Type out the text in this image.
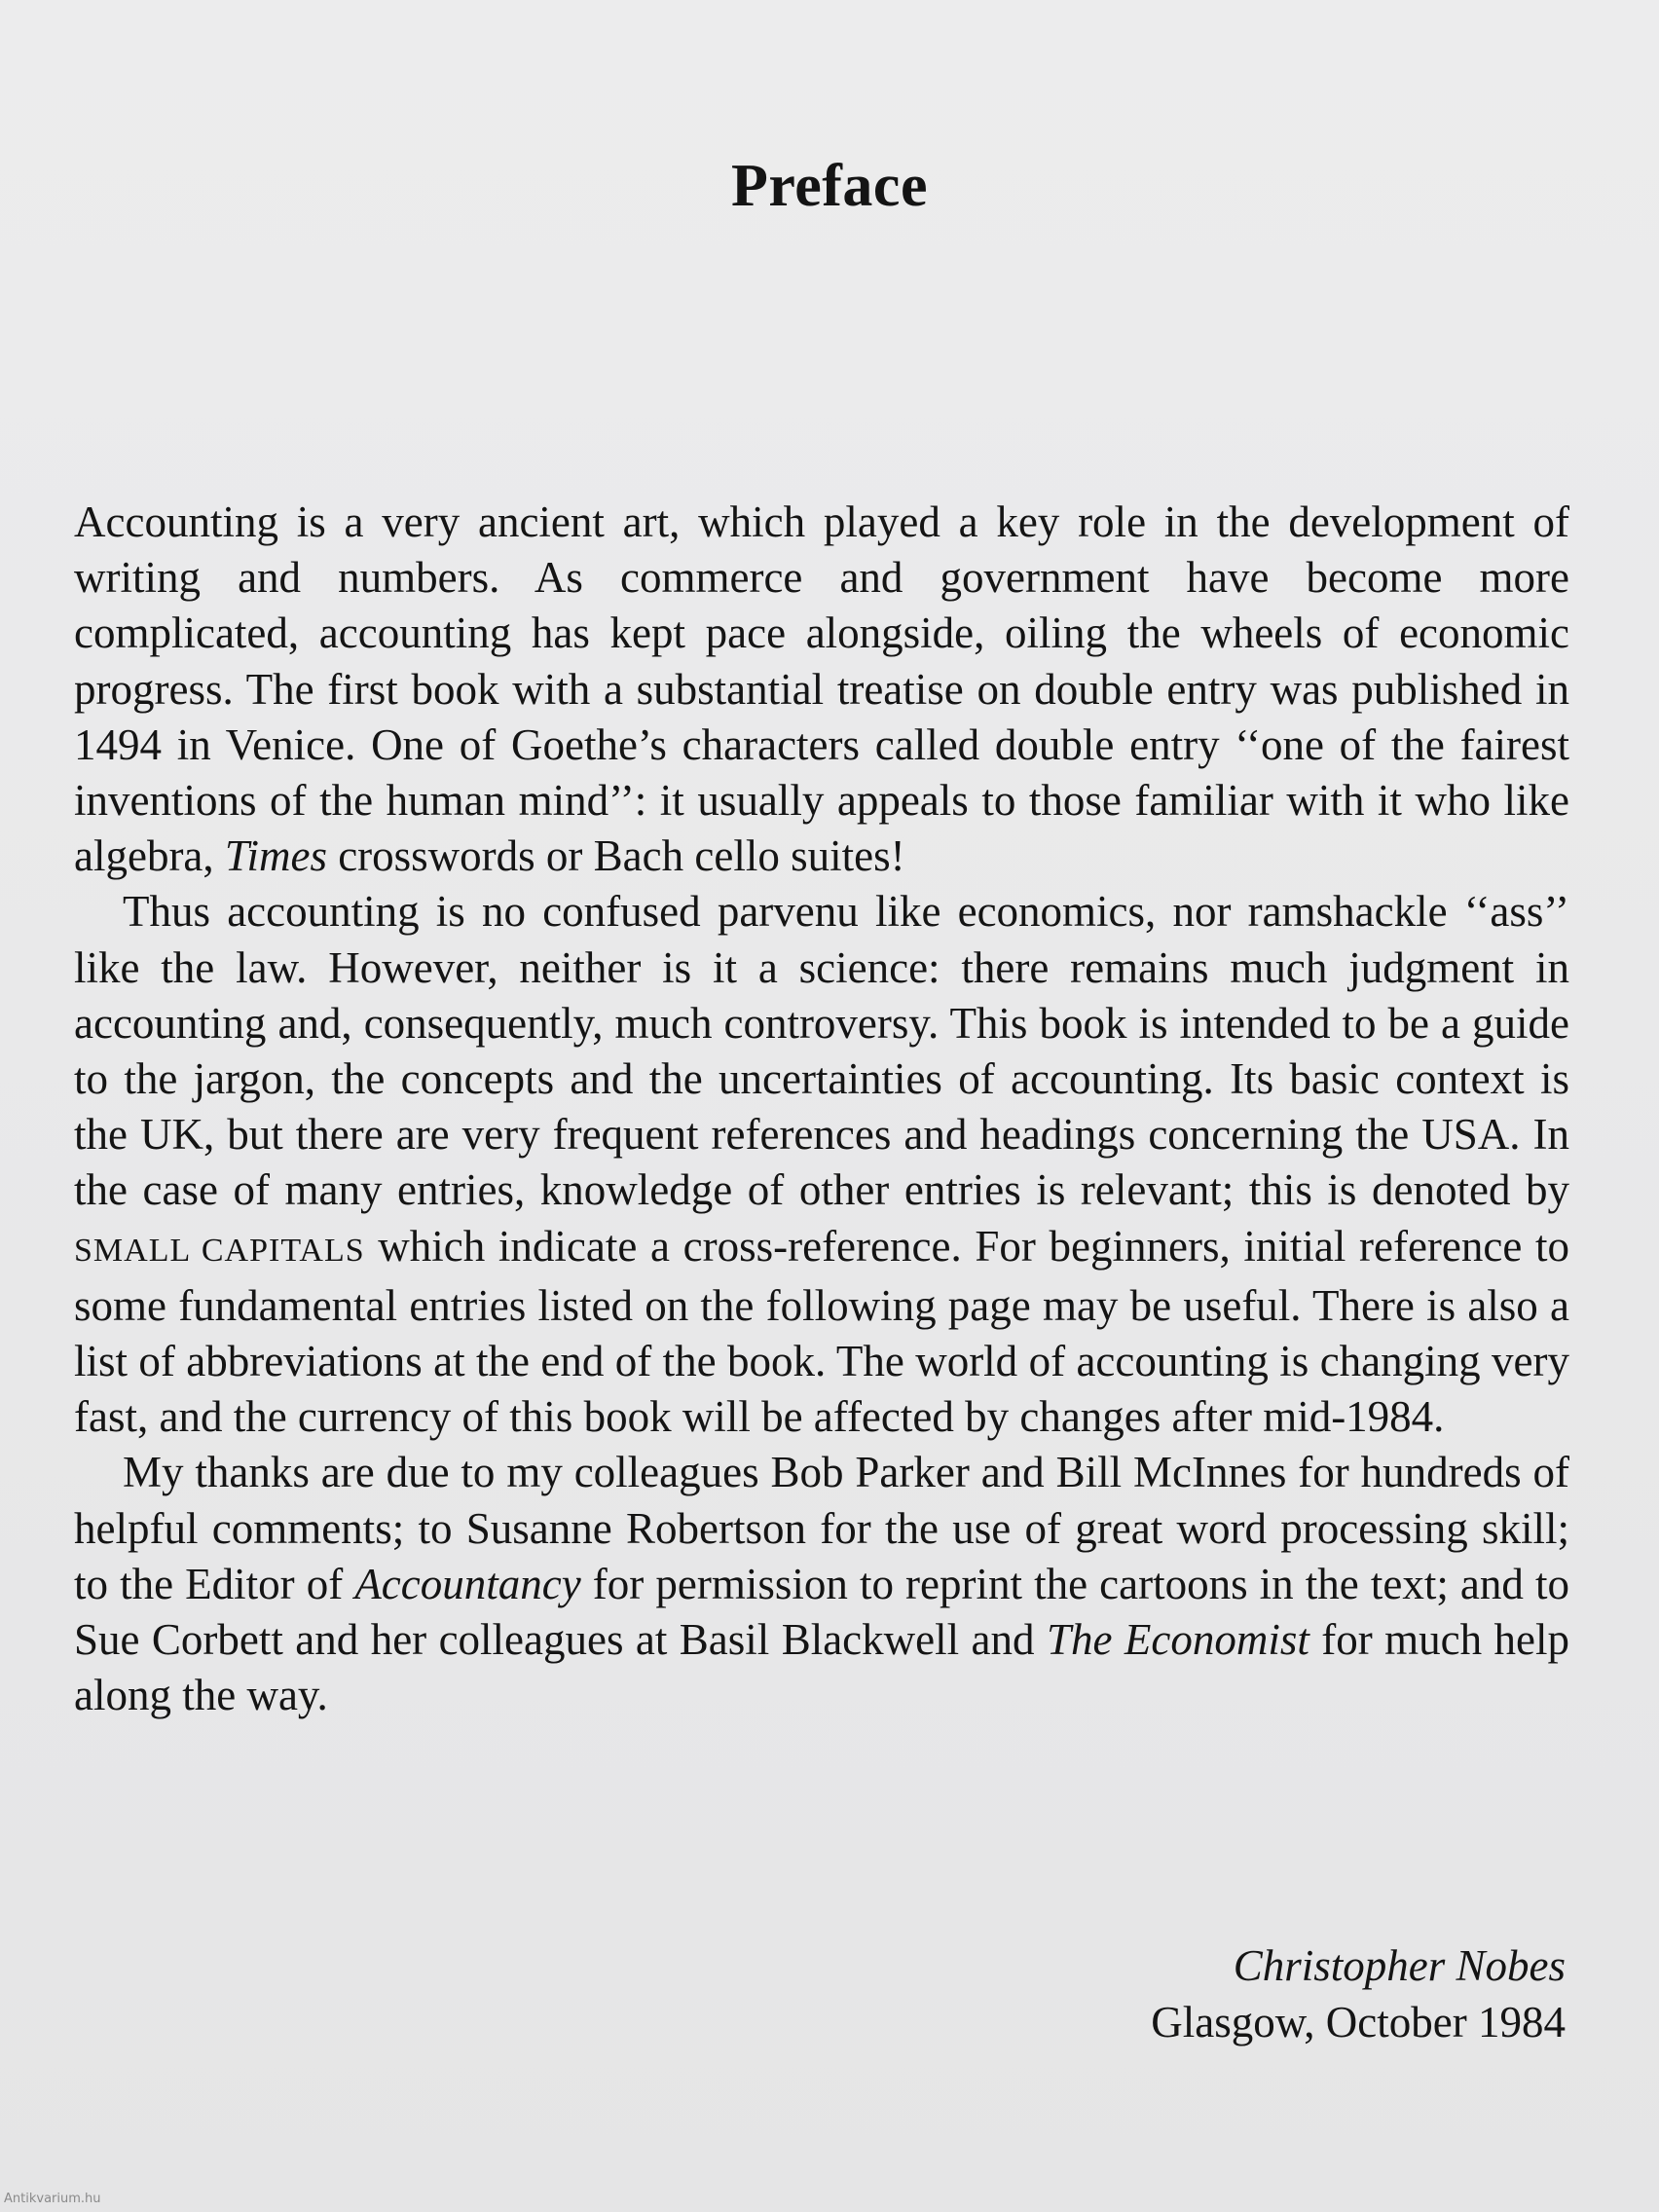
Preface

Accounting is a very ancient art, which played a key role in the development of writing and numbers. As commerce and government have become more complicated, accounting has kept pace alongside, oiling the wheels of economic progress. The first book with a substantial treatise on double entry was published in 1494 in Venice. One of Goethe’s characters called double entry ‘‘one of the fairest inventions of the human mind’’: it usually appeals to those familiar with it who like algebra, Times crosswords or Bach cello suites!

Thus accounting is no confused parvenu like economics, nor ramshackle ‘‘ass’’ like the law. However, neither is it a science: there remains much judgment in accounting and, consequently, much controversy. This book is intended to be a guide to the jargon, the concepts and the uncertainties of accounting. Its basic context is the UK, but there are very frequent references and headings concerning the USA. In the case of many entries, knowledge of other entries is relevant; this is denoted by SMALL CAPITALS which indicate a cross-reference. For beginners, initial reference to some fundamental entries listed on the following page may be useful. There is also a list of abbreviations at the end of the book. The world of accounting is changing very fast, and the currency of this book will be affected by changes after mid-1984.

My thanks are due to my colleagues Bob Parker and Bill McInnes for hundreds of helpful comments; to Susanne Robertson for the use of great word processing skill; to the Editor of Accountancy for permission to reprint the cartoons in the text; and to Sue Corbett and her colleagues at Basil Blackwell and The Economist for much help along the way.

Christopher Nobes
Glasgow, October 1984
Antikvarium.hu
